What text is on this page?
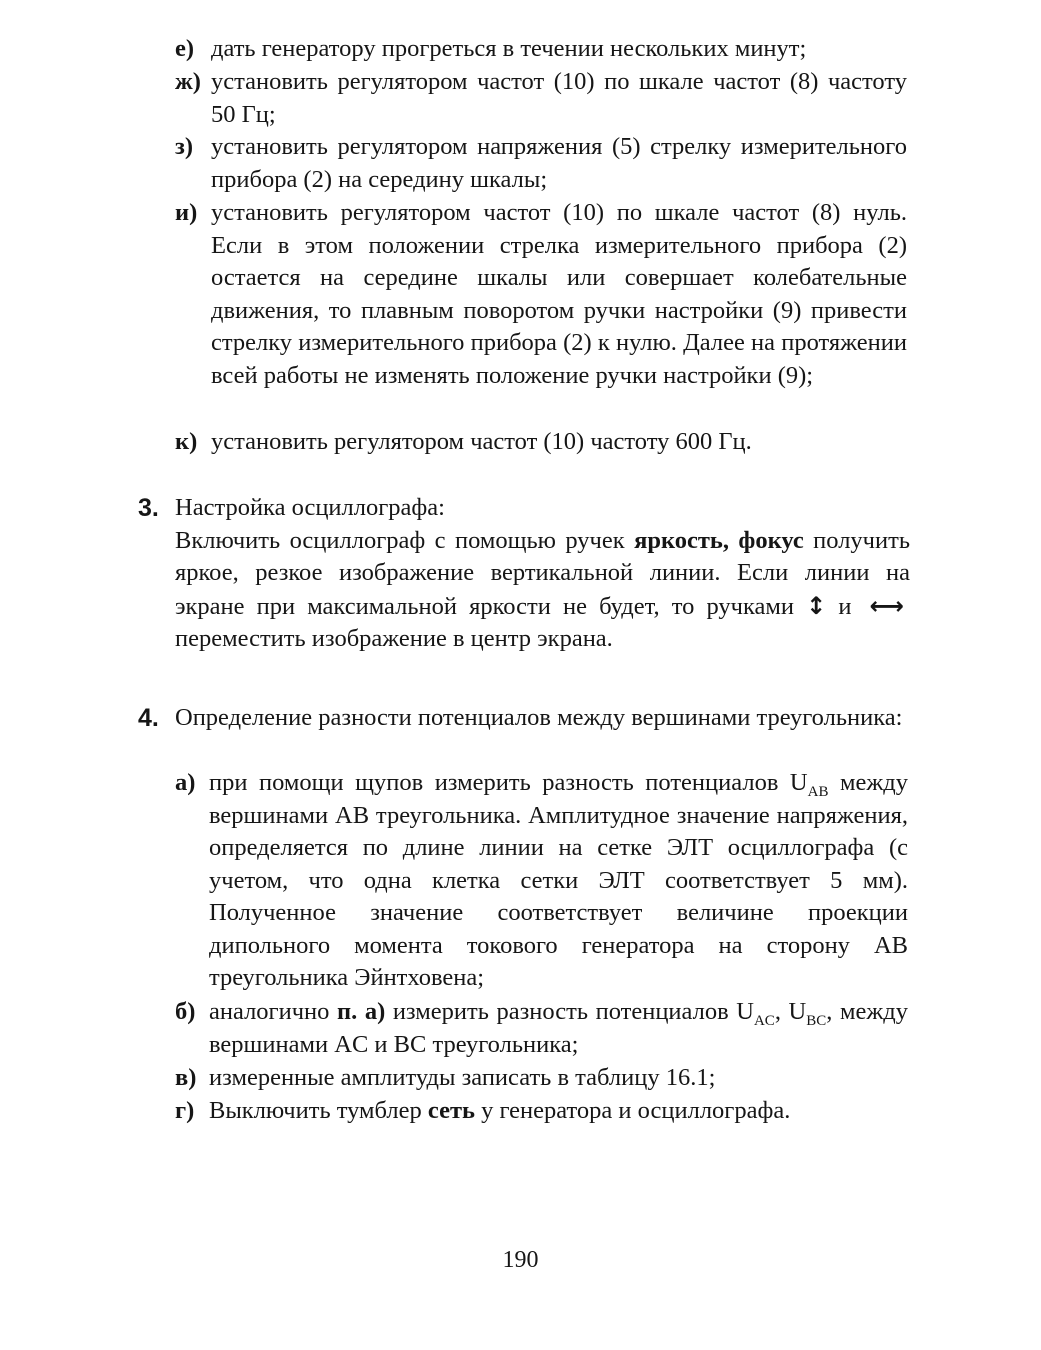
е) дать генератору прогреться в течении нескольких минут;
ж) установить регулятором частот (10) по шкале частот (8) частоту 50 Гц;
з) установить регулятором напряжения (5) стрелку измерительного прибора (2) на середину шкалы;
и) установить регулятором частот (10) по шкале частот (8) нуль. Если в этом положении стрелка измерительного прибора (2) остается на середине шкалы или совершает колебательные движения, то плавным поворотом ручки настройки (9) привести стрелку измерительного прибора (2) к нулю. Далее на протяжении всей работы не изменять положение ручки настройки (9);
к) установить регулятором частот (10) частоту 600 Гц.
3. Настройка осциллографа:
Включить осциллограф с помощью ручек яркость, фокус получить яркое, резкое изображение вертикальной линии. Если линии на экране при максимальной яркости не будет, то ручками ↕ и ⟷ переместить изображение в центр экрана.
4. Определение разности потенциалов между вершинами треугольника:
а) при помощи щупов измерить разность потенциалов $U_{AB}$ между вершинами AB треугольника. Амплитудное значение напряжения, определяется по длине линии на сетке ЭЛТ осциллографа (с учетом, что одна клетка сетки ЭЛТ соответствует 5 мм). Полученное значение соответствует величине проекции дипольного момента токового генератора на сторону AB треугольника Эйнтховена;
б) аналогично п. а) измерить разность потенциалов $U_{AC}$, $U_{BC}$, между вершинами AC и BC треугольника;
в) измеренные амплитуды записать в таблицу 16.1;
г) Выключить тумблер сеть у генератора и осциллографа.
190
